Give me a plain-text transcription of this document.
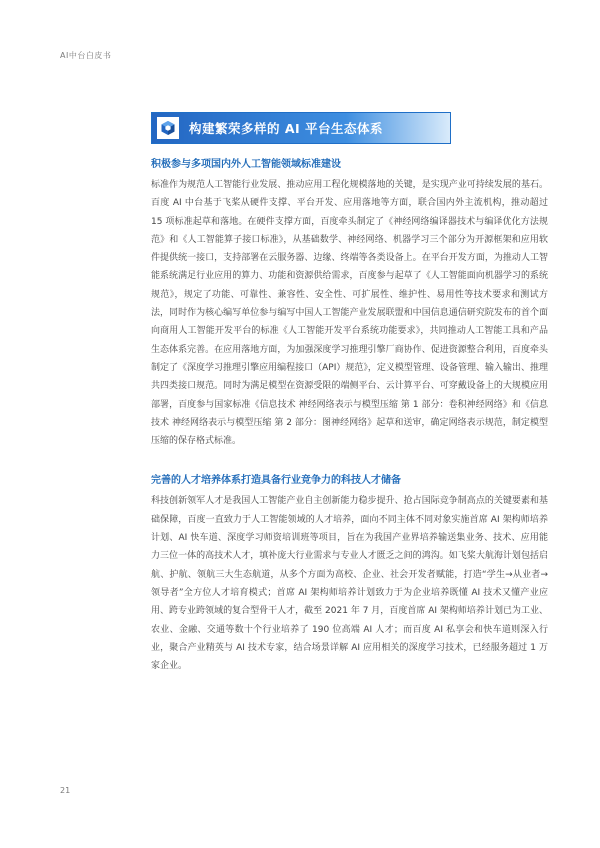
AI中台白皮书
构建繁荣多样的 AI 平台生态体系
积极参与多项国内外人工智能领域标准建设

标准作为规范人工智能行业发展、推动应用工程化规模落地的关键，是实现产业可持续发展的基石。百度 AI 中台基于飞桨从硬件支撑、平台开发、应用落地等方面，联合国内外主流机构，推动超过 15 项标准起草和落地。在硬件支撑方面，百度牵头制定了《神经网络编译器技术与编译优化方法规范》和《人工智能算子接口标准》，从基础数学、神经网络、机器学习三个部分为开源框架和应用软件提供统一接口，支持部署在云服务器、边缘、终端等各类设备上。在平台开发方面，为推动人工智能系统满足行业应用的算力、功能和资源供给需求，百度参与起草了《人工智能面向机器学习的系统规范》，规定了功能、可靠性、兼容性、安全性、可扩展性、维护性、易用性等技术要求和测试方法，同时作为核心编写单位参与编写中国人工智能产业发展联盟和中国信息通信研究院发布的首个面向商用人工智能开发平台的标准《人工智能开发平台系统功能要求》，共同推动人工智能工具和产品生态体系完善。在应用落地方面，为加强深度学习推理引擎厂商协作、促进资源整合利用，百度牵头制定了《深度学习推理引擎应用编程接口（API）规范》，定义模型管理、设备管理、输入输出、推理共四类接口规范。同时为满足模型在资源受限的端侧平台、云计算平台、可穿戴设备上的大规模应用部署，百度参与国家标准《信息技术 神经网络表示与模型压缩 第 1 部分：卷积神经网络》和《信息技术 神经网络表示与模型压缩 第 2 部分：图神经网络》起草和送审，确定网络表示规范，制定模型压缩的保存格式标准。

完善的人才培养体系打造具备行业竞争力的科技人才储备

科技创新领军人才是我国人工智能产业自主创新能力稳步提升、抢占国际竞争制高点的关键要素和基础保障，百度一直致力于人工智能领域的人才培养，面向不同主体不同对象实施首席 AI 架构师培养计划、AI 快车道、深度学习师资培训班等项目，旨在为我国产业界培养输送集业务、技术、应用能力三位一体的高技术人才，填补庞大行业需求与专业人才匮乏之间的鸿沟。如飞桨大航海计划包括启航、护航、领航三大生态航道，从多个方面为高校、企业、社会开发者赋能，打造“学生→从业者→领导者”全方位人才培育模式；首席 AI 架构师培养计划致力于为企业培养既懂 AI 技术又懂产业应用、跨专业跨领域的复合型骨干人才，截至 2021 年 7 月，百度首席 AI 架构师培养计划已为工业、农业、金融、交通等数十个行业培养了 190 位高端 AI 人才；而百度 AI 私享会和快车道则深入行业，聚合产业精英与 AI 技术专家，结合场景详解 AI 应用相关的深度学习技术，已经服务超过 1 万家企业。

21
